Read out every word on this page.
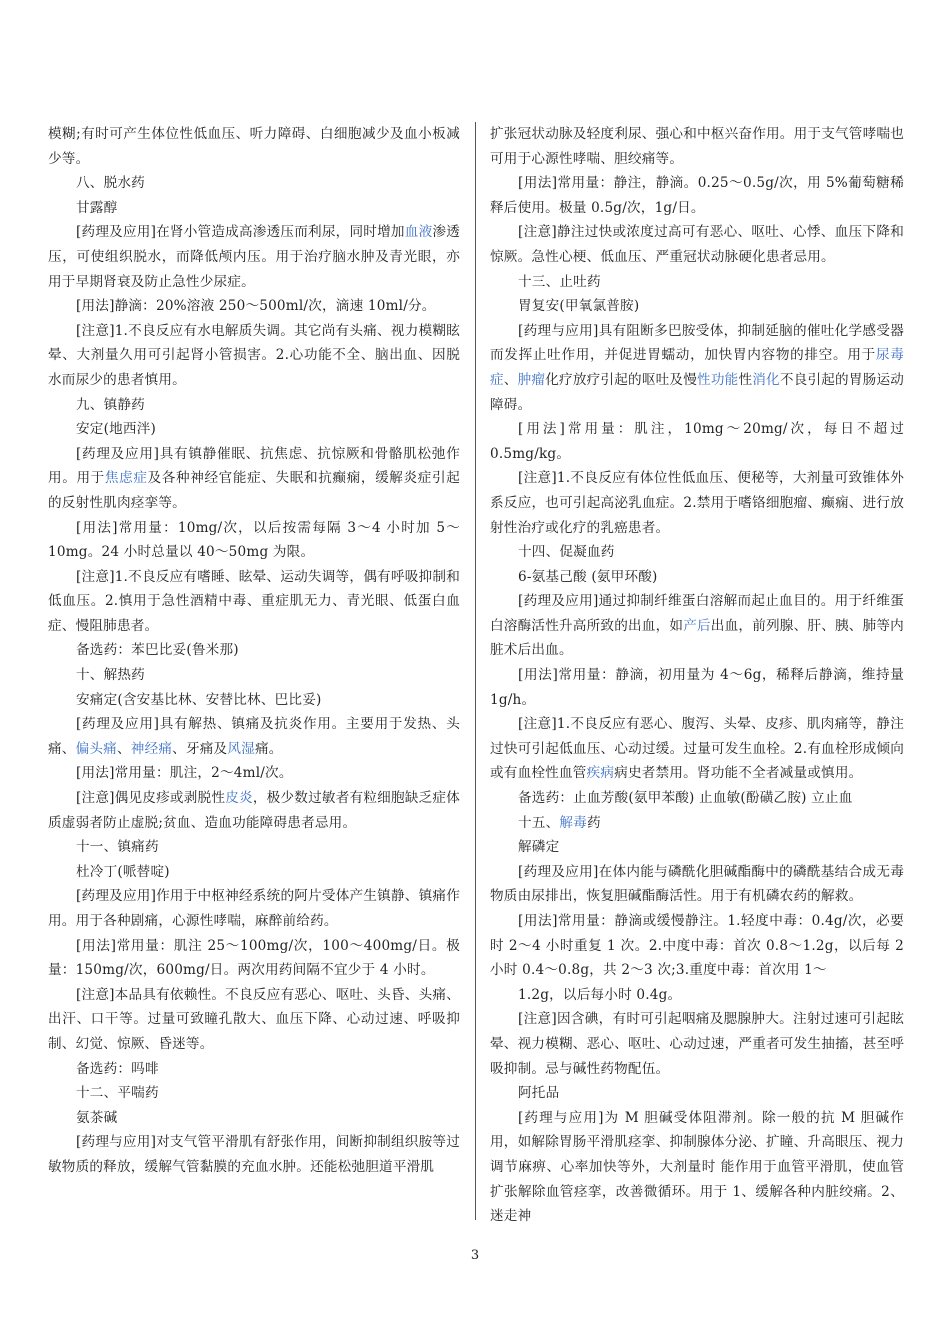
模糊;有时可产生体位性低血压、听力障碍、白细胞减少及血小板减少等。

八、脱水药

甘露醇

[药理及应用]在肾小管造成高渗透压而利尿，同时增加血液渗透压，可使组织脱水，而降低颅内压。用于治疗脑水肿及青光眼，亦用于早期肾衰及防止急性少尿症。

[用法]静滴：20%溶液 250～500ml/次，滴速 10ml/分。

[注意]1.不良反应有水电解质失调。其它尚有头痛、视力模糊眩晕、大剂量久用可引起肾小管损害。2.心功能不全、脑出血、因脱水而尿少的患者慎用。

九、镇静药

安定(地西泮)

[药理及应用]具有镇静催眠、抗焦虑、抗惊厥和骨骼肌松弛作用。用于焦虑症及各种神经官能症、失眠和抗癫痫，缓解炎症引起的反射性肌肉痉挛等。

[用法]常用量：10mg/次，以后按需每隔 3～4 小时加 5～10mg。24 小时总量以 40～50mg 为限。

[注意]1.不良反应有嗜睡、眩晕、运动失调等，偶有呼吸抑制和低血压。2.慎用于急性酒精中毒、重症肌无力、青光眼、低蛋白血症、慢阻肺患者。

备选药：苯巴比妥(鲁米那)

十、解热药

安痛定(含安基比林、安替比林、巴比妥)

[药理及应用]具有解热、镇痛及抗炎作用。主要用于发热、头痛、偏头痛、神经痛、牙痛及风湿痛。

[用法]常用量：肌注，2～4ml/次。

[注意]偶见皮疹或剥脱性皮炎，极少数过敏者有粒细胞缺乏症体质虚弱者防止虚脱;贫血、造血功能障碍患者忌用。

十一、镇痛药

杜冷丁(哌替啶)

[药理及应用]作用于中枢神经系统的阿片受体产生镇静、镇痛作用。用于各种剧痛，心源性哮喘，麻醉前给药。

[用法]常用量：肌注 25～100mg/次，100～400mg/日。极量：150mg/次，600mg/日。两次用药间隔不宜少于 4 小时。

[注意]本品具有依赖性。不良反应有恶心、呕吐、头昏、头痛、出汗、口干等。过量可致瞳孔散大、血压下降、心动过速、呼吸抑制、幻觉、惊厥、昏迷等。

备选药：吗啡

十二、平喘药

氨茶碱

[药理与应用]对支气管平滑肌有舒张作用，间断抑制组织胺等过敏物质的释放，缓解气管黏膜的充血水肿。还能松弛胆道平滑肌

扩张冠状动脉及轻度利尿、强心和中枢兴奋作用。用于支气管哮喘也可用于心源性哮喘、胆绞痛等。

[用法]常用量：静注，静滴。0.25～0.5g/次，用 5%葡萄糖稀释后使用。极量 0.5g/次，1g/日。

[注意]静注过快或浓度过高可有恶心、呕吐、心悸、血压下降和惊厥。急性心梗、低血压、严重冠状动脉硬化患者忌用。

十三、止吐药

胃复安(甲氧氯普胺)

[药理与应用]具有阻断多巴胺受体，抑制延脑的催吐化学感受器而发挥止吐作用，并促进胃蠕动，加快胃内容物的排空。用于尿毒症、肿瘤化疗放疗引起的呕吐及慢性功能性消化不良引起的胃肠运动障碍。

[用法]常用量：肌注，10mg～20mg/次，每日不超过 0.5mg/kg。

[注意]1.不良反应有体位性低血压、便秘等，大剂量可致锥体外系反应，也可引起高泌乳血症。2.禁用于嗜铬细胞瘤、癫痫、进行放射性治疗或化疗的乳癌患者。

十四、促凝血药

6-氨基己酸 (氨甲环酸)

[药理及应用]通过抑制纤维蛋白溶解而起止血目的。用于纤维蛋白溶酶活性升高所致的出血，如产后出血，前列腺、肝、胰、肺等内脏术后出血。

[用法]常用量：静滴，初用量为 4～6g，稀释后静滴，维持量 1g/h。

[注意]1.不良反应有恶心、腹泻、头晕、皮疹、肌肉痛等，静注过快可引起低血压、心动过缓。过量可发生血栓。2.有血栓形成倾向或有血栓性血管疾病病史者禁用。肾功能不全者减量或慎用。

备选药：止血芳酸(氨甲苯酸) 止血敏(酚磺乙胺) 立止血

十五、解毒药

解磷定

[药理及应用]在体内能与磷酰化胆碱酯酶中的磷酰基结合成无毒物质由尿排出，恢复胆碱酯酶活性。用于有机磷农药的解救。

[用法]常用量：静滴或缓慢静注。1.轻度中毒：0.4g/次，必要时 2～4 小时重复 1 次。2.中度中毒：首次 0.8～1.2g，以后每 2 小时 0.4～0.8g，共 2～3 次;3.重度中毒：首次用 1～

1.2g，以后每小时 0.4g。

[注意]因含碘，有时可引起咽痛及腮腺肿大。注射过速可引起眩晕、视力模糊、恶心、呕吐、心动过速，严重者可发生抽搐，甚至呼吸抑制。忌与碱性药物配伍。

阿托品

[药理与应用]为 M 胆碱受体阻滞剂。除一般的抗 M 胆碱作用，如解除胃肠平滑肌痉挛、抑制腺体分泌、扩瞳、升高眼压、视力调节麻痹、心率加快等外，大剂量时 能作用于血管平滑肌，使血管扩张解除血管痉挛，改善微循环。用于 1、缓解各种内脏绞痛。2、迷走神

3
